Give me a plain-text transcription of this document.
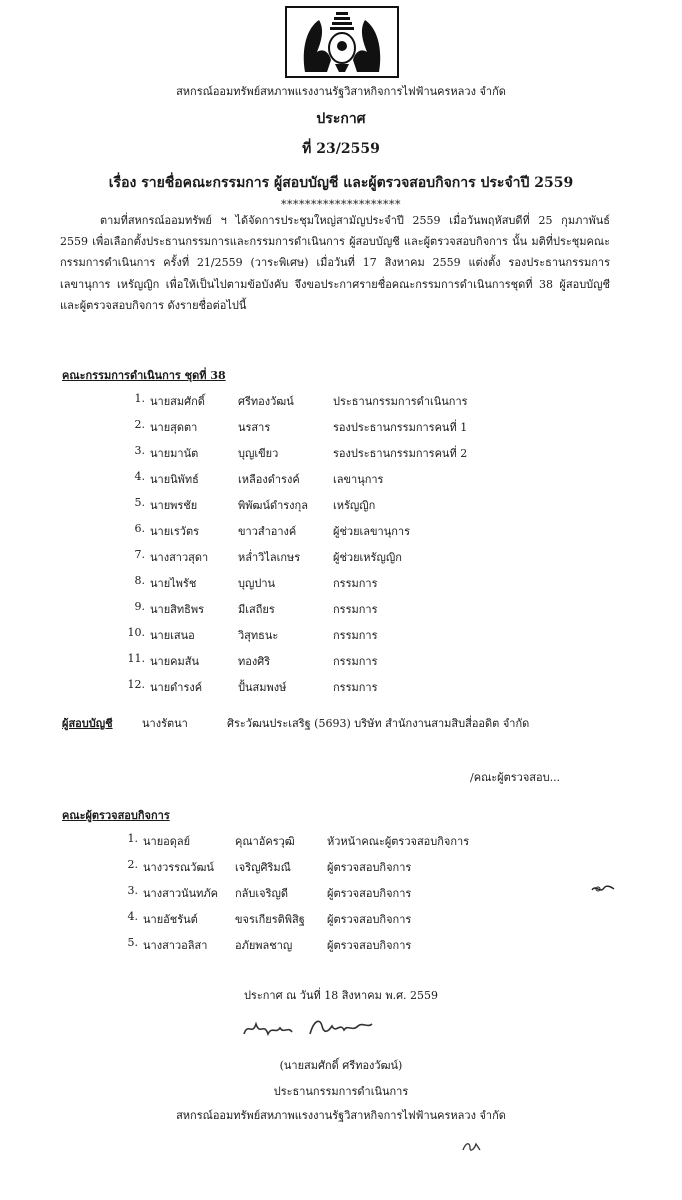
สหกรณ์ออมทรัพย์สหภาพแรงงานรัฐวิสาหกิจการไฟฟ้านครหลวง จำกัด
ประกาศ
ที่ 23/2559
เรื่อง รายชื่อคณะกรรมการ ผู้สอบบัญชี และผู้ตรวจสอบกิจการ ประจำปี 2559
********************
ตามที่สหกรณ์ออมทรัพย์ ฯ ได้จัดการประชุมใหญ่สามัญประจำปี 2559 เมื่อวันพฤหัสบดีที่ 25 กุมภาพันธ์ 2559 เพื่อเลือกตั้งประธานกรรมการและกรรมการดำเนินการ ผู้สอบบัญชี และผู้ตรวจสอบกิจการ นั้น มติที่ประชุมคณะกรรมการดำเนินการ ครั้งที่ 21/2559 (วาระพิเศษ) เมื่อวันที่ 17 สิงหาคม 2559 แต่งตั้ง รองประธานกรรมการ เลขานุการ เหรัญญิก เพื่อให้เป็นไปตามข้อบังคับ จึงขอประกาศรายชื่อคณะกรรมการดำเนินการชุดที่ 38 ผู้สอบบัญชี และผู้ตรวจสอบกิจการ ดังรายชื่อต่อไปนี้
คณะกรรมการดำเนินการ ชุดที่ 38
1. นายสมศักดิ์	ศรีทองวัฒน์	ประธานกรรมการดำเนินการ
2. นายสุดตา	นรสาร	รองประธานกรรมการคนที่ 1
3. นายมานัต	บุญเขียว	รองประธานกรรมการคนที่ 2
4. นายนิพัทธ์	เหลืองดำรงค์	เลขานุการ
5. นายพรชัย	พิพัฒน์ดำรงกุล เหรัญญิก
6. นายเรวัตร	ขาวสำอางค์	ผู้ช่วยเลขานุการ
7. นางสาวสุดา	หล่ำวิไลเกษร	ผู้ช่วยเหรัญญิก
8. นายไพรัช	บุญปาน	กรรมการ
9. นายสิทธิพร	มีเสถียร	กรรมการ
10. นายเสนอ	วิสุทธนะ	กรรมการ
11. นายคมสัน	ทองศิริ	กรรมการ
12. นายดำรงค์	ปั้นสมพงษ์	กรรมการ
ผู้สอบบัญชี	นางรัตนา	ศิระวัฒนประเสริฐ (5693) บริษัท สำนักงานสามสิบสี่ออดิต จำกัด
/คณะผู้ตรวจสอบ...
คณะผู้ตรวจสอบกิจการ
1. นายอดุลย์	คุณาอัครวุฒิ	หัวหน้าคณะผู้ตรวจสอบกิจการ
2. นางวรรณวัฒน์ เจริญศิริมณี	ผู้ตรวจสอบกิจการ
3. นางสาวนันทภัค กลับเจริญดี	ผู้ตรวจสอบกิจการ
4. นายอัชรันต์	ขจรเกียรติพิสิฐ ผู้ตรวจสอบกิจการ
5. นางสาวอลิสา	อภัยพลชาญ	ผู้ตรวจสอบกิจการ
ประกาศ ณ วันที่ 18 สิงหาคม พ.ศ. 2559
(นายสมศักดิ์ ศรีทองวัฒน์)
ประธานกรรมการดำเนินการ
สหกรณ์ออมทรัพย์สหภาพแรงงานรัฐวิสาหกิจการไฟฟ้านครหลวง จำกัด
